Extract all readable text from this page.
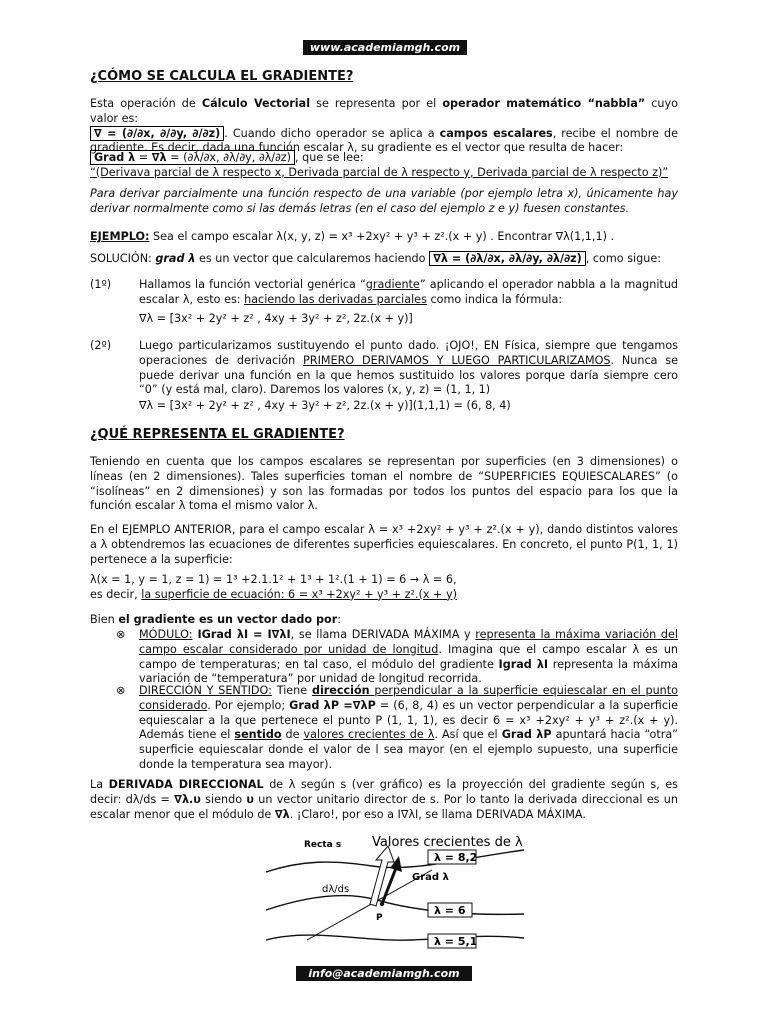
www.academiamgh.com
¿CÓMO SE CALCULA EL GRADIENTE?

Esta operación de Cálculo Vectorial se representa por el operador matemático “nabbla” cuyo valor es:
∇ = (∂/∂x, ∂/∂y, ∂/∂z) . Cuando dicho operador se aplica a campos escalares, recibe el nombre de gradiente. Es decir, dada una función escalar λ, su gradiente es el vector que resulta de hacer:

Grad λ = ∇λ = (∂λ/∂x, ∂λ/∂y, ∂λ/∂z) , que se lee:
“(Derivava parcial de λ respecto x, Derivada parcial de λ respecto y, Derivada parcial de λ respecto z)”

Para derivar parcialmente una función respecto de una variable (por ejemplo letra x), únicamente hay derivar normalmente como si las demás letras (en el caso del ejemplo z e y) fuesen constantes.

EJEMPLO: Sea el campo escalar λ(x, y, z) = x³ +2xy² + y³ + z².(x + y) . Encontrar ∇λ(1,1,1) .

SOLUCIÓN: grad λ es un vector que calcularemos haciendo ∇λ = (∂λ/∂x, ∂λ/∂y, ∂λ/∂z) , como sigue:

(1º) Hallamos la función vectorial genérica “gradiente” aplicando el operador nabbla a la magnitud escalar λ, esto es: haciendo las derivadas parciales como indica la fórmula:

∇λ = [3x² + 2y² + z² , 4xy + 3y² + z², 2z.(x + y)]

(2º) Luego particularizamos sustituyendo el punto dado. ¡OJO!, EN Física, siempre que tengamos operaciones de derivación PRIMERO DERIVAMOS Y LUEGO PARTICULARIZAMOS. Nunca se puede derivar una función en la que hemos sustituido los valores porque daría siempre cero “0” (y está mal, claro). Daremos los valores (x, y, z) = (1, 1, 1)

∇λ = [3x² + 2y² + z² , 4xy + 3y² + z², 2z.(x + y)](1,1,1) = (6, 8, 4)

¿QUÉ REPRESENTA EL GRADIENTE?

Teniendo en cuenta que los campos escalares se representan por superficies (en 3 dimensiones) o líneas (en 2 dimensiones). Tales superficies toman el nombre de “SUPERFICIES EQUIESCALARES” (o “isolíneas” en 2 dimensiones) y son las formadas por todos los puntos del espacio para los que la función escalar λ toma el mismo valor λ.

En el EJEMPLO ANTERIOR, para el campo escalar λ = x³ +2xy² + y³ + z².(x + y), dando distintos valores a λ obtendremos las ecuaciones de diferentes superficies equiescalares. En concreto, el punto P(1, 1, 1) pertenece a la superficie:

λ(x = 1, y = 1, z = 1) = 1³ +2.1.1² + 1³ + 1².(1 + 1) = 6 → λ = 6,
es decir, la superficie de ecuación: 6 = x³ +2xy² + y³ + z².(x + y)

Bien el gradiente es un vector dado por:

⊗ MÓDULO: IGrad λI = I∇λI, se llama DERIVADA MÁXIMA y representa la máxima variación del campo escalar considerado por unidad de longitud. Imagina que el campo escalar λ es un campo de temperaturas; en tal caso, el módulo del gradiente Igrad λI representa la máxima variación de “temperatura” por unidad de longitud recorrida.

⊗ DIRECCIÓN Y SENTIDO: Tiene dirección perpendicular a la superficie equiescalar en el punto considerado. Por ejemplo; Grad λP =∇λP = (6, 8, 4) es un vector perpendicular a la superficie equiescalar a la que pertenece el punto P (1, 1, 1), es decir 6 = x³ +2xy² + y³ + z².(x + y). Además tiene el sentido de valores crecientes de λ. Así que el Grad λP apuntará hacia “otra” superficie equiescalar donde el valor de l sea mayor (en el ejemplo supuesto, una superficie donde la temperatura sea mayor).

La DERIVADA DIRECCIONAL de λ según s (ver gráfico) es la proyección del gradiente según s, es decir: dλ/ds = ∇λ.υ siendo υ un vector unitario director de s. Por lo tanto la derivada direccional es un escalar menor que el módulo de ∇λ. ¡Claro!, por eso a I∇λI, se llama DERIVADA MÁXIMA.

Recta s Valores crecientes de λ
P
Grad λ
dλ/ds
λ = 8,2
λ = 6
λ = 5,1
info@academiamgh.com
